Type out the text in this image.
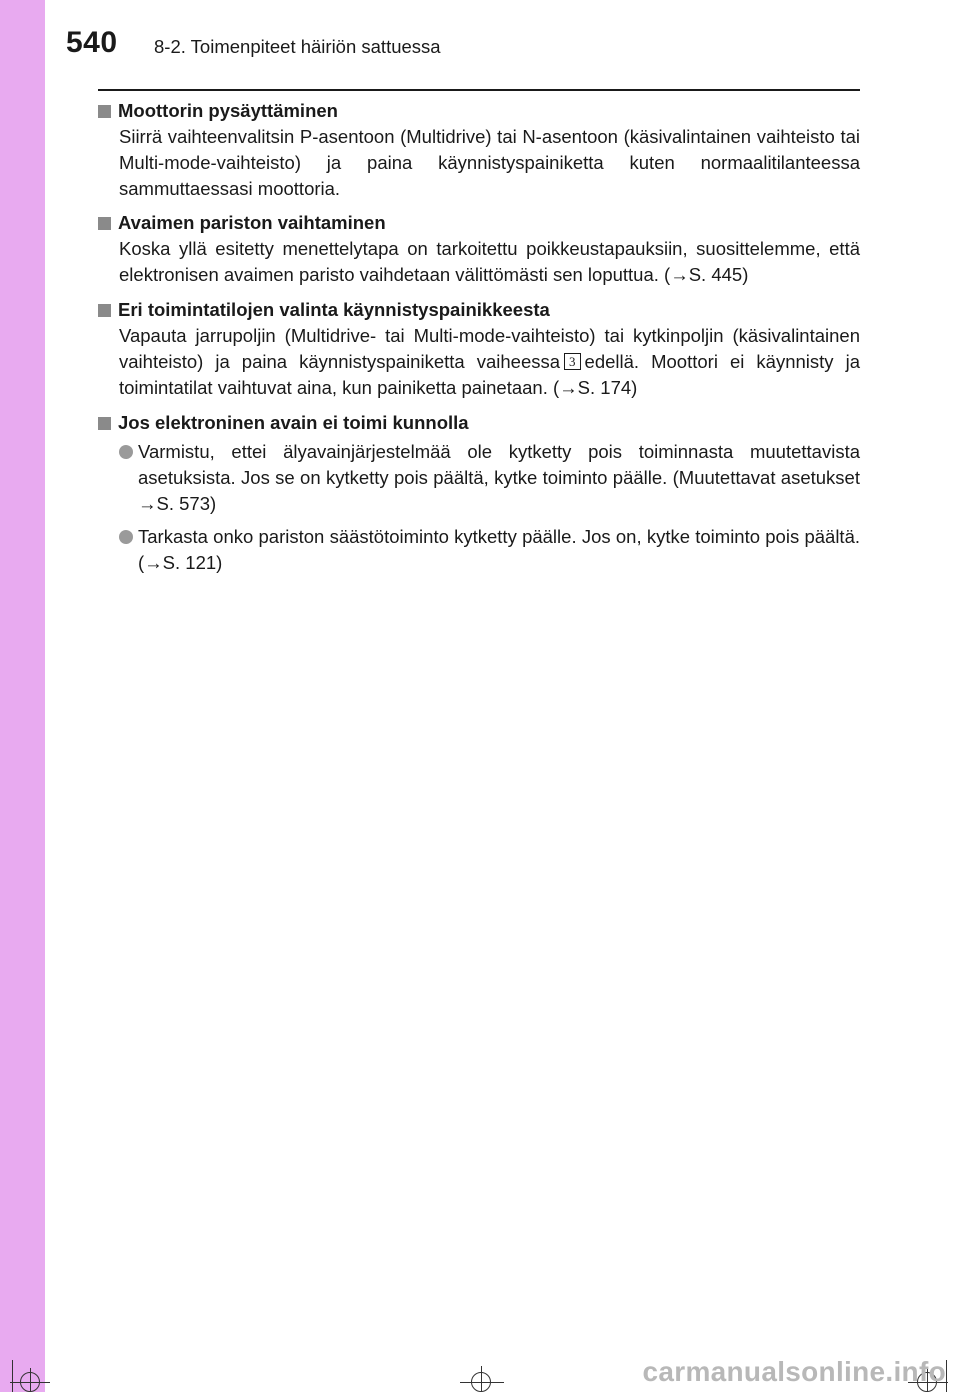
540 8-2. Toimenpiteet häiriön sattuessa
Moottorin pysäyttäminen
Siirrä vaihteenvalitsin P-asentoon (Multidrive) tai N-asentoon (käsivalintainen vaihteisto tai Multi-mode-vaihteisto) ja paina käynnistyspainiketta kuten normaalitilanteessa sammuttaessasi moottoria.
Avaimen pariston vaihtaminen
Koska yllä esitetty menettelytapa on tarkoitettu poikkeustapauksiin, suosittelemme, että elektronisen avaimen paristo vaihdetaan välittömästi sen loputtua. (→S. 445)
Eri toimintatilojen valinta käynnistyspainikkeesta
Vapauta jarrupoljin (Multidrive- tai Multi-mode-vaihteisto) tai kytkinpoljin (käsivalintainen vaihteisto) ja paina käynnistyspainiketta vaiheessa 3 edellä. Moottori ei käynnisty ja toimintatilat vaihtuvat aina, kun painiketta painetaan. (→S. 174)
Jos elektroninen avain ei toimi kunnolla
Varmistu, ettei älyavainjärjestelmää ole kytketty pois toiminnasta muutettavista asetuksista. Jos se on kytketty pois päältä, kytke toiminto päälle. (Muutettavat asetukset →S. 573)
Tarkasta onko pariston säästötoiminto kytketty päälle. Jos on, kytke toiminto pois päältä. (→S. 121)
carmanualsonline.info
